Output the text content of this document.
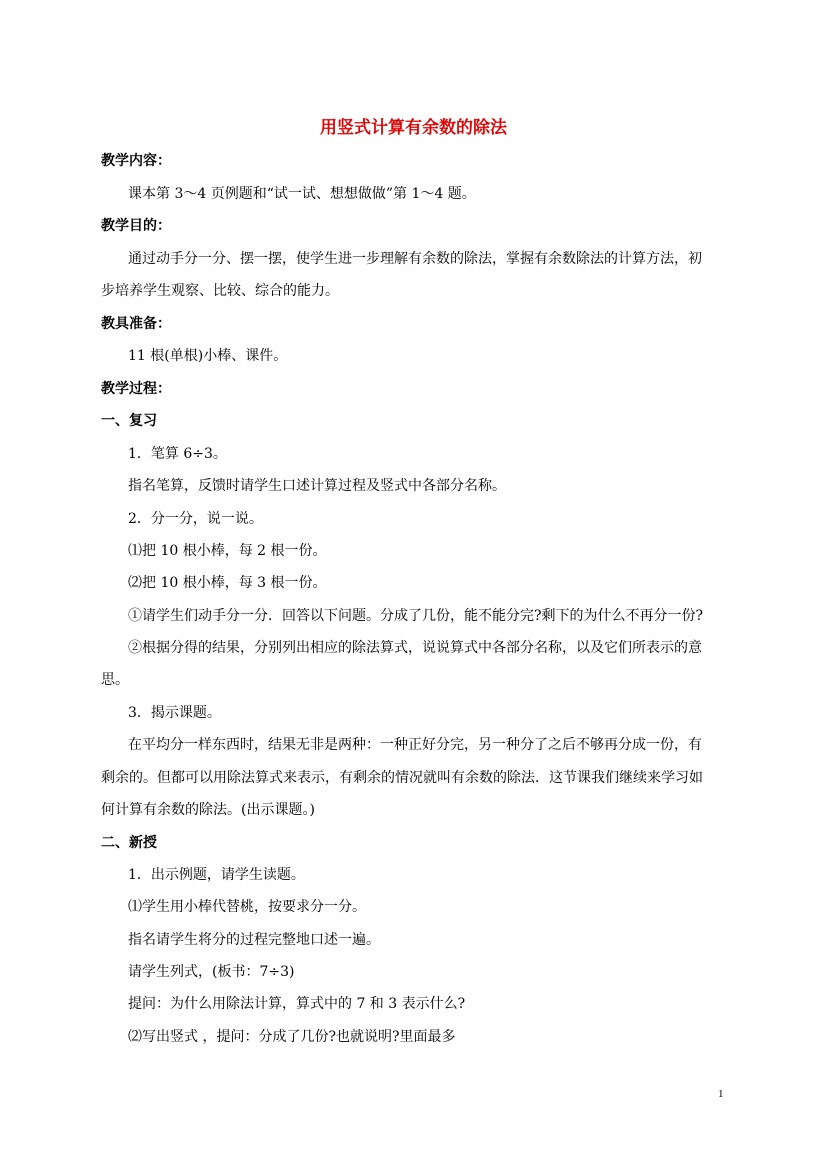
用竖式计算有余数的除法
教学内容：
课本第 3～4 页例题和“试一试、想想做做”第 1～4 题。
教学目的：
通过动手分一分、摆一摆，使学生进一步理解有余数的除法，掌握有余数除法的计算方法，初
步培养学生观察、比较、综合的能力。
教具准备：
11 根(单根)小棒、课件。
教学过程：
一、复习
1．笔算 6÷3。
指名笔算，反馈时请学生口述计算过程及竖式中各部分名称。
2．分一分，说一说。
⑴把 10 根小棒，每 2 根一份。
⑵把 10 根小棒，每 3 根一份。
①请学生们动手分一分．回答以下问题。分成了几份，能不能分完?剩下的为什么不再分一份?
②根据分得的结果，分别列出相应的除法算式，说说算式中各部分名称，以及它们所表示的意
思。
3．揭示课题。
在平均分一样东西时，结果无非是两种：一种正好分完，另一种分了之后不够再分成一份，有
剩余的。但都可以用除法算式来表示，有剩余的情况就叫有余数的除法．这节课我们继续来学习如
何计算有余数的除法。(出示课题。)
二、新授
1．出示例题，请学生读题。
⑴学生用小棒代替桃，按要求分一分。
指名请学生将分的过程完整地口述一遍。
请学生列式，(板书：7÷3)
提问：为什么用除法计算，算式中的 7 和 3 表示什么?
⑵写出竖式 ，提问：分成了几份?也就说明?里面最多
1
